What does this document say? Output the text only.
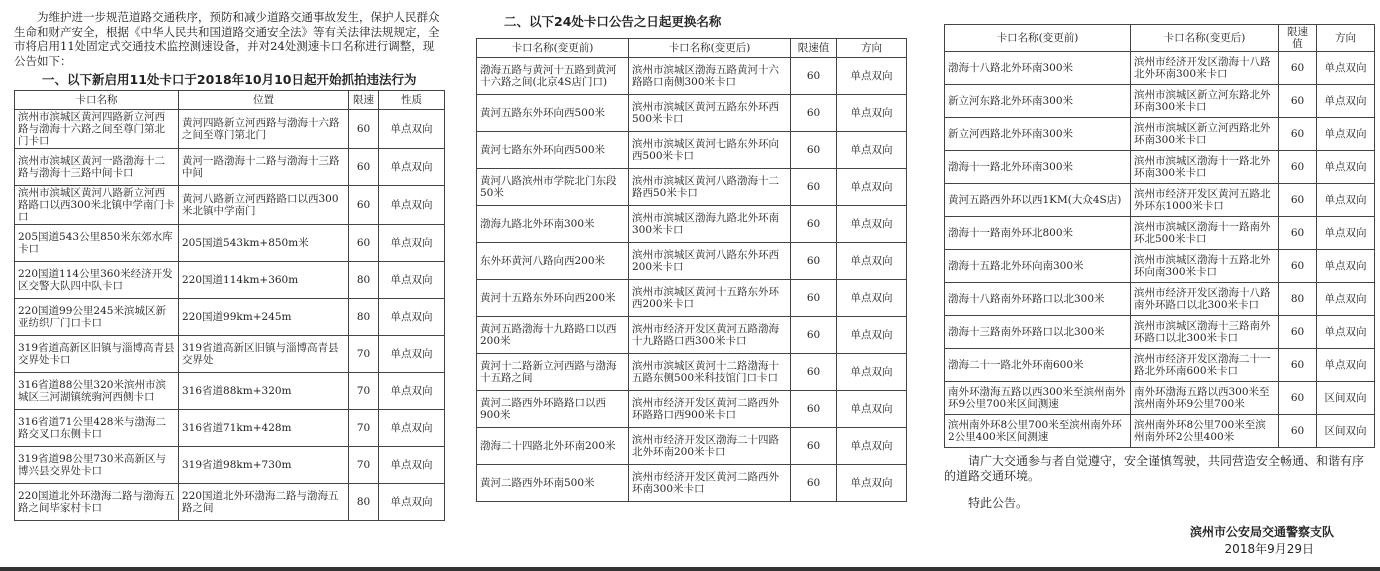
为维护进一步规范道路交通秩序，预防和减少道路交通事故发生，保护人民群众生命和财产安全，根据《中华人民共和国道路交通安全法》等有关法律法规规定，全市将启用11处固定式交通技术监控测速设备，并对24处测速卡口名称进行调整，现公告如下：

一、以下新启用11处卡口于2018年10月10日起开始抓拍违法行为
卡口名称	位置	限速	性质
滨州市滨城区黄河四路新立河西路与渤海十六路之间至尊门第北门卡口	黄河四路新立河西路与渤海十六路之间至尊门第北门	60	单点双向
滨州市滨城区黄河一路渤海十二路与渤海十三路中间卡口	黄河一路渤海十二路与渤海十三路中间	60	单点双向
滨州市滨城区黄河八路新立河西路路口以西300米北镇中学南门卡口	黄河八路新立河西路路口以西300米北镇中学南门	60	单点双向
205国道543公里850米东郊水库卡口	205国道543km+850m米	60	单点双向
220国道114公里360米经济开发区交警大队四中队卡口	220国道114km+360m	80	单点双向
220国道99公里245米滨城区新亚纺织厂门口卡口	220国道99km+245m	80	单点双向
319省道高新区旧镇与淄博高青县交界处卡口	319省道高新区旧镇与淄博高青县交界处	70	单点双向
316省道88公里320米滨州市滨城区三河湖镇统驹河西侧卡口	316省道88km+320m	70	单点双向
316省道71公里428米与渤海二路交叉口东侧卡口	316省道71km+428m	70	单点双向
319省道98公里730米高新区与博兴县交界处卡口	319省道98km+730m	70	单点双向
220国道北外环渤海二路与渤海五路之间毕家村卡口	220国道北外环渤海二路与渤海五路之间	80	单点双向
二、以下24处卡口公告之日起更换名称
卡口名称(变更前)	卡口名称(变更后)	限速值	方向
渤海五路与黄河十五路到黄河十六路之间(北京4S店门口)	滨州市滨城区渤海五路黄河十六路路口南侧300米卡口	60	单点双向
黄河五路东外环向西500米	滨州市滨城区黄河五路东外环西500米卡口	60	单点双向
黄河七路东外环向西500米	滨州市滨城区黄河七路东外环向西500米卡口	60	单点双向
黄河八路滨州市学院北门东段50米	滨州市滨城区黄河八路渤海十二路西50米卡口	60	单点双向
渤海九路北外环南300米	滨州市滨城区渤海九路北外环南300米卡口	60	单点双向
东外环黄河八路向西200米	滨州市滨城区黄河八路东外环西200米卡口	60	单点双向
黄河十五路东外环向西200米	滨州市滨城区黄河十五路东外环西200米卡口	60	单点双向
黄河五路渤海十九路路口以西200米	滨州市经济开发区黄河五路渤海十九路路口西300米卡口	60	单点双向
黄河十二路新立河西路与渤海十五路之间	滨州市滨城区黄河十二路渤海十五路东侧500米科技馆门口卡口	60	单点双向
黄河二路西外环路路口以西900米	滨州市经济开发区黄河二路西外环路路口西900米卡口	60	单点双向
渤海二十四路北外环南200米	滨州市经济开发区渤海二十四路北外环南200米卡口	60	单点双向
黄河二路西外环南500米	滨州市经济开发区黄河二路西外环南300米卡口	60	单点双向
卡口名称(变更前)	卡口名称(变更后)	限速值	方向
渤海十八路北外环南300米	滨州市经济开发区渤海十八路北外环南300米卡口	60	单点双向
新立河东路北外环南300米	滨州市滨城区新立河东路北外环南300米卡口	60	单点双向
新立河西路北外环南300米	滨州市滨城区新立河西路北外环南300米卡口	60	单点双向
渤海十一路北外环南300米	滨州市滨城区渤海十一路北外环南300米卡口	60	单点双向
黄河五路西外环以西1KM(大众4S店)	滨州市经济开发区黄河五路北外环东1000米卡口	60	单点双向
渤海十一路南外环北800米	滨州市滨城区渤海十一路南外环北500米卡口	60	单点双向
渤海十五路北外环向南300米	滨州市滨城区渤海十五路北外环向南300米卡口	60	单点双向
渤海十八路南外环路口以北300米	滨州市经济开发区渤海十八路南外环路口以北300米卡口	80	单点双向
渤海十三路南外环路口以北300米	滨州市滨城区渤海十三路南外环路口以北300米卡口	60	单点双向
渤海二十一路北外环南600米	滨州市经济开发区渤海二十一路北外环南600米卡口	60	单点双向
南外环渤海五路以西300米至滨州南外环9公里700米区间测速	南外环渤海五路以西300米至滨州南外环9公里700米	60	区间双向
滨州南外环8公里700米至滨州南外环2公里400米区间测速	滨州南外环8公里700米至滨州南外环2公里400米	60	区间双向

请广大交通参与者自觉遵守，安全谨慎驾驶，共同营造安全畅通、和谐有序的道路交通环境。

特此公告。

滨州市公安局交通警察支队
2018年9月29日
